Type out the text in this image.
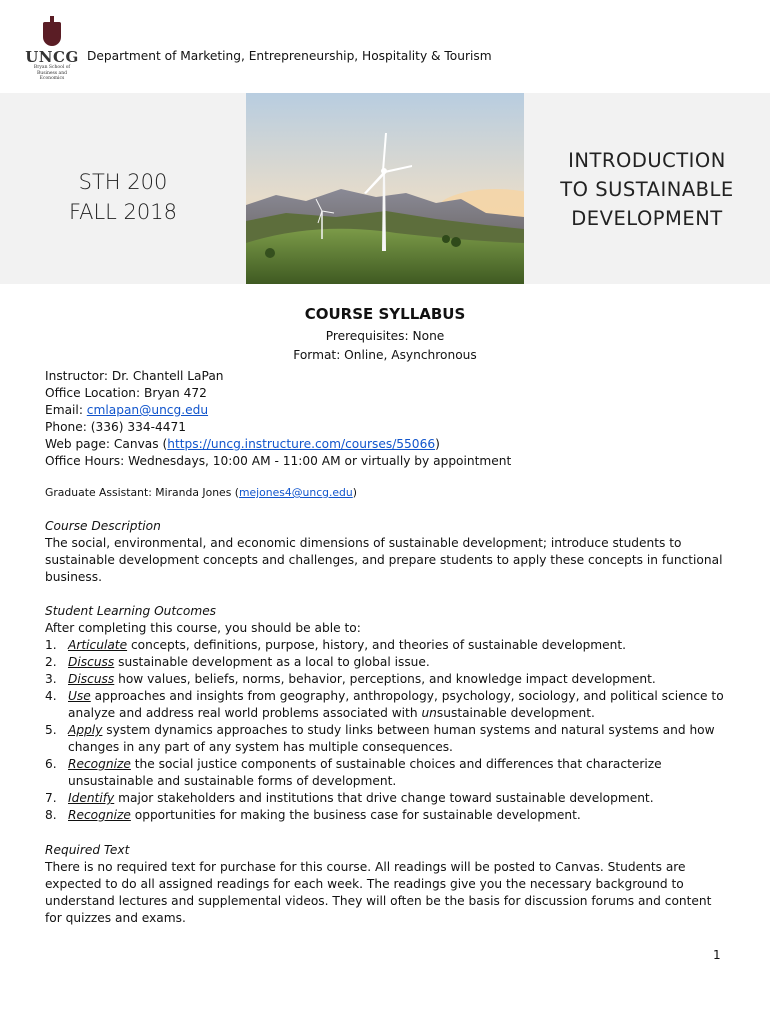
UNCG
Bryan School of Business and Economics
Department of Marketing, Entrepreneurship, Hospitality & Tourism
STH 200
FALL 2018
INTRODUCTION
TO SUSTAINABLE
DEVELOPMENT
COURSE SYLLABUS
Prerequisites: None
Format: Online, Asynchronous
Instructor: Dr. Chantell LaPan
Office Location: Bryan 472
Email: cmlapan@uncg.edu
Phone: (336) 334-4471
Web page: Canvas (https://uncg.instructure.com/courses/55066)
Office Hours: Wednesdays, 10:00 AM - 11:00 AM or virtually by appointment
Graduate Assistant: Miranda Jones (mejones4@uncg.edu)
Course Description
The social, environmental, and economic dimensions of sustainable development; introduce students to sustainable development concepts and challenges, and prepare students to apply these concepts in functional business.
Student Learning Outcomes
After completing this course, you should be able to:
1. Articulate concepts, definitions, purpose, history, and theories of sustainable development.
2. Discuss sustainable development as a local to global issue.
3. Discuss how values, beliefs, norms, behavior, perceptions, and knowledge impact development.
4. Use approaches and insights from geography, anthropology, psychology, sociology, and political science to analyze and address real world problems associated with unsustainable development.
5. Apply system dynamics approaches to study links between human systems and natural systems and how changes in any part of any system has multiple consequences.
6. Recognize the social justice components of sustainable choices and differences that characterize unsustainable and sustainable forms of development.
7. Identify major stakeholders and institutions that drive change toward sustainable development.
8. Recognize opportunities for making the business case for sustainable development.
Required Text
There is no required text for purchase for this course. All readings will be posted to Canvas. Students are expected to do all assigned readings for each week. The readings give you the necessary background to understand lectures and supplemental videos. They will often be the basis for discussion forums and content for quizzes and exams.
1
